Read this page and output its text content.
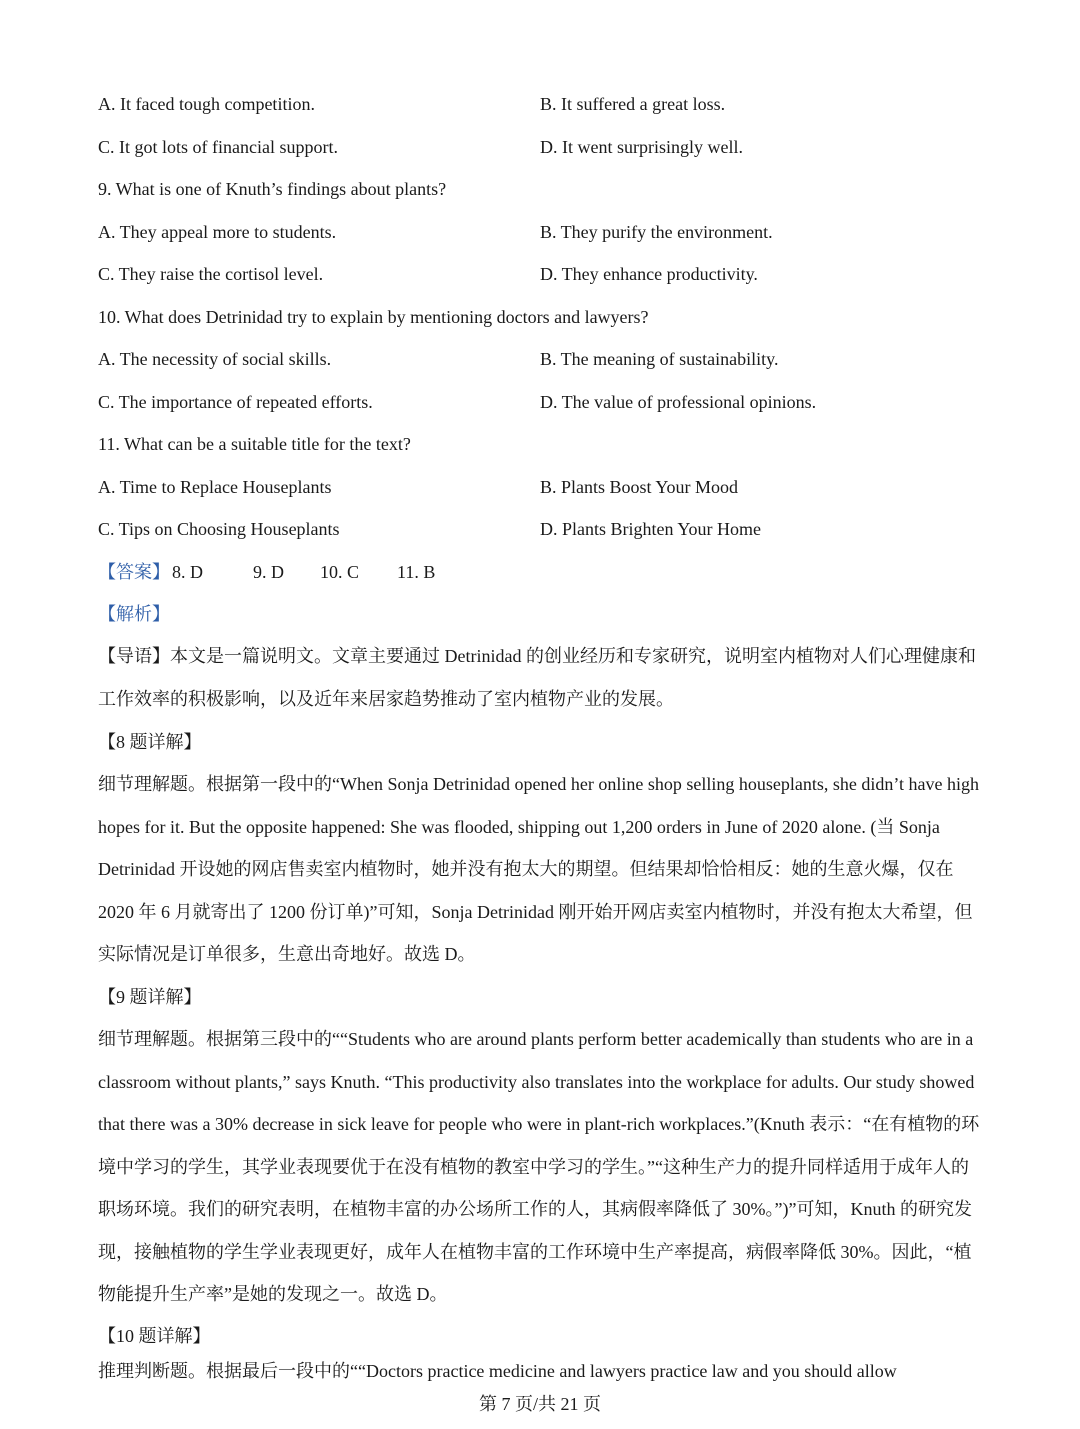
A. It faced tough competition.	B. It suffered a great loss.
C. It got lots of financial support.	D. It went surprisingly well.
9. What is one of Knuth’s findings about plants?
A. They appeal more to students.	B. They purify the environment.
C. They raise the cortisol level.	D. They enhance productivity.
10. What does Detrinidad try to explain by mentioning doctors and lawyers?
A. The necessity of social skills.	B. The meaning of sustainability.
C. The importance of repeated efforts.	D. The value of professional opinions.
11. What can be a suitable title for the text?
A. Time to Replace Houseplants	B. Plants Boost Your Mood
C. Tips on Choosing Houseplants	D. Plants Brighten Your Home
【答案】 8. D	9. D 10. C 11. B
【解析】
【导语】本文是一篇说明文。文章主要通过 Detrinidad 的创业经历和专家研究，说明室内植物对人们心理健康和工作效率的积极影响，以及近年来居家趋势推动了室内植物产业的发展。
【8 题详解】
细节理解题。根据第一段中的“When Sonja Detrinidad opened her online shop selling houseplants, she didn’t have high hopes for it. But the opposite happened: She was flooded, shipping out 1,200 orders in June of 2020 alone. (当 Sonja Detrinidad 开设她的网店售卖室内植物时，她并没有抱太大的期望。但结果却恰恰相反：她的生意火爆，仅在 2020 年 6 月就寄出了 1200 份订单)”可知，Sonja Detrinidad 刚开始开网店卖室内植物时，并没有抱太大希望，但实际情况是订单很多，生意出奇地好。故选 D。
【9 题详解】
细节理解题。根据第三段中的““Students who are around plants perform better academically than students who are in a classroom without plants,” says Knuth. “This productivity also translates into the workplace for adults. Our study showed that there was a 30% decrease in sick leave for people who were in plant-rich workplaces.”(Knuth 表示：“在有植物的环境中学习的学生，其学业表现要优于在没有植物的教室中学习的学生。”“这种生产力的提升同样适用于成年人的职场环境。我们的研究表明，在植物丰富的办公场所工作的人，其病假率降低了 30%。”)”可知，Knuth 的研究发现，接触植物的学生学业表现更好，成年人在植物丰富的工作环境中生产率提高，病假率降低 30%。因此，“植物能提升生产率”是她的发现之一。故选 D。
【10 题详解】
推理判断题。根据最后一段中的““Doctors practice medicine and lawyers practice law and you should allow
第 7 页/共 21 页
